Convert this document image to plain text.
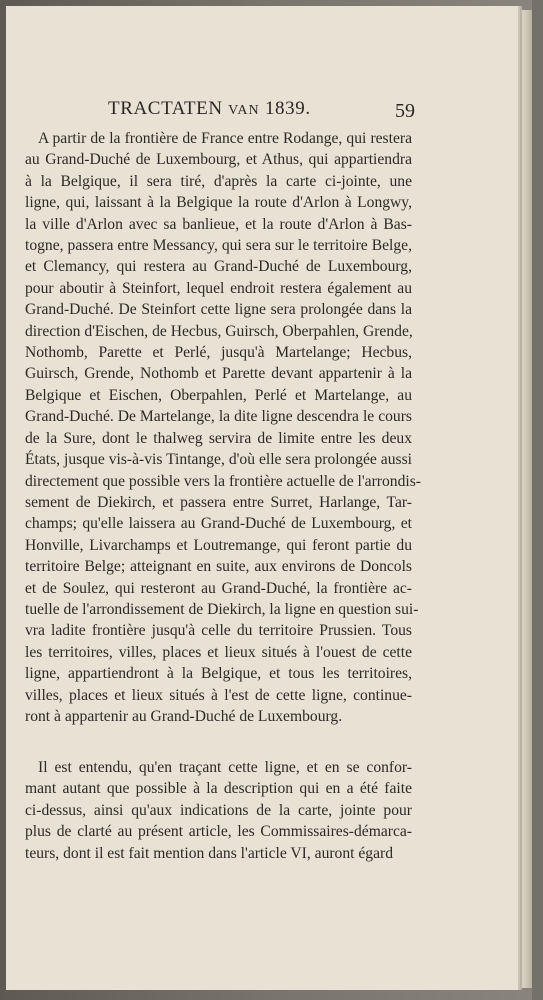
TRACTATEN VAN 1839.	59
A partir de la frontière de France entre Rodange, qui restera
au Grand-Duché de Luxembourg, et Athus, qui appartiendra
à la Belgique, il sera tiré, d'après la carte ci-jointe, une
ligne, qui, laissant à la Belgique la route d'Arlon à Longwy,
la ville d'Arlon avec sa banlieue, et la route d'Arlon à Bas-
togne, passera entre Messancy, qui sera sur le territoire Belge,
et Clemancy, qui restera au Grand-Duché de Luxembourg,
pour aboutir à Steinfort, lequel endroit restera également au
Grand-Duché. De Steinfort cette ligne sera prolongée dans la
direction d'Eischen, de Hecbus, Guirsch, Oberpahlen, Grende,
Nothomb, Parette et Perlé, jusqu'à Martelange; Hecbus,
Guirsch, Grende, Nothomb et Parette devant appartenir à la
Belgique et Eischen, Oberpahlen, Perlé et Martelange, au
Grand-Duché. De Martelange, la dite ligne descendra le cours
de la Sure, dont le thalweg servira de limite entre les deux
États, jusque vis-à-vis Tintange, d'où elle sera prolongée aussi
directement que possible vers la frontière actuelle de l'arrondis-
sement de Diekirch, et passera entre Surret, Harlange, Tar-
champs; qu'elle laissera au Grand-Duché de Luxembourg, et
Honville, Livarchamps et Loutremange, qui feront partie du
territoire Belge; atteignant en suite, aux environs de Doncols
et de Soulez, qui resteront au Grand-Duché, la frontière ac-
tuelle de l'arrondissement de Diekirch, la ligne en question sui-
vra ladite frontière jusqu'à celle du territoire Prussien. Tous
les territoires, villes, places et lieux situés à l'ouest de cette
ligne, appartiendront à la Belgique, et tous les territoires,
villes, places et lieux situés à l'est de cette ligne, continue-
ront à appartenir au Grand-Duché de Luxembourg.
Il est entendu, qu'en traçant cette ligne, et en se confor-
mant autant que possible à la description qui en a été faite
ci-dessus, ainsi qu'aux indications de la carte, jointe pour
plus de clarté au présent article, les Commissaires-démarca-
teurs, dont il est fait mention dans l'article VI, auront égard
